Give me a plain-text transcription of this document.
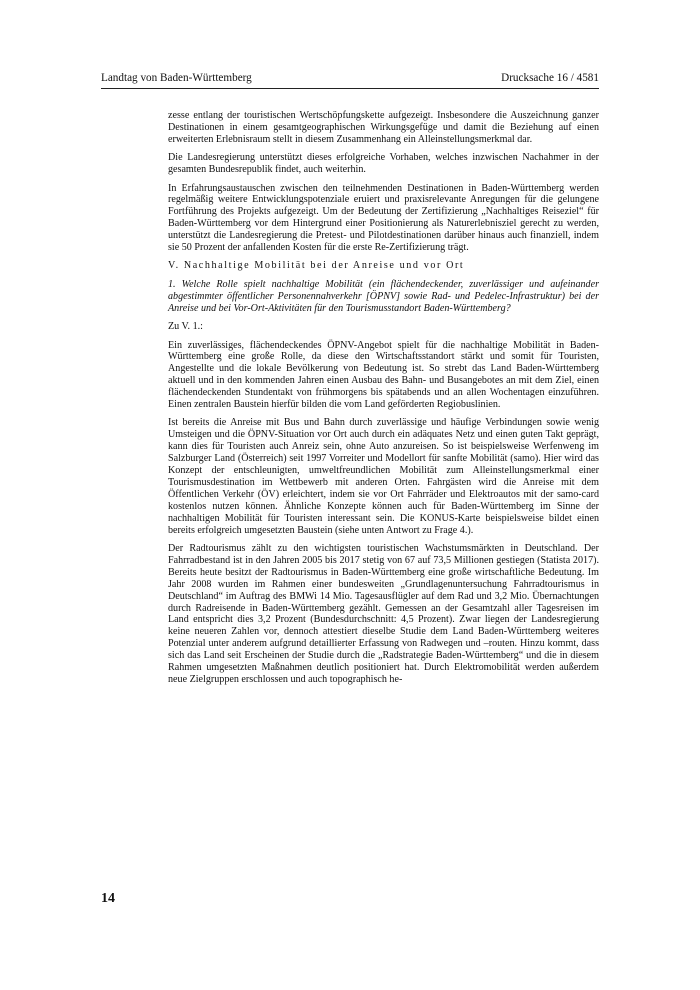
Landtag von Baden-Württemberg	Drucksache 16 / 4581

zesse entlang der touristischen Wertschöpfungskette aufgezeigt. Insbesondere die Auszeichnung ganzer Destinationen in einem gesamtgeographischen Wirkungsgefüge und damit die Beziehung auf einen erweiterten Erlebnisraum stellt in diesem Zusammenhang ein Alleinstellungsmerkmal dar.

Die Landesregierung unterstützt dieses erfolgreiche Vorhaben, welches inzwischen Nachahmer in der gesamten Bundesrepublik findet, auch weiterhin.

In Erfahrungsaustauschen zwischen den teilnehmenden Destinationen in Baden-Württemberg werden regelmäßig weitere Entwicklungspotenziale eruiert und praxisrelevante Anregungen für die gelungene Fortführung des Projekts aufgezeigt. Um der Bedeutung der Zertifizierung „Nachhaltiges Reiseziel“ für Baden-Württemberg vor dem Hintergrund einer Positionierung als Naturerlebnisziel gerecht zu werden, unterstützt die Landesregierung die Pretest- und Pilotdestinationen darüber hinaus auch finanziell, indem sie 50 Prozent der anfallenden Kosten für die erste Re-Zertifizierung trägt.

V. Nachhaltige Mobilität bei der Anreise und vor Ort

1. Welche Rolle spielt nachhaltige Mobilität (ein flächendeckender, zuverlässiger und aufeinander abgestimmter öffentlicher Personennahverkehr [ÖPNV] sowie Rad- und Pedelec-Infrastruktur) bei der Anreise und bei Vor-Ort-Aktivitäten für den Tourismusstandort Baden-Württemberg?

Zu V. 1.:

Ein zuverlässiges, flächendeckendes ÖPNV-Angebot spielt für die nachhaltige Mobilität in Baden-Württemberg eine große Rolle, da diese den Wirtschaftsstandort stärkt und somit für Touristen, Angestellte und die lokale Bevölkerung von Bedeutung ist. So strebt das Land Baden-Württemberg aktuell und in den kommenden Jahren einen Ausbau des Bahn- und Busangebotes an mit dem Ziel, einen flächendeckenden Stundentakt von frühmorgens bis spätabends und an allen Wochentagen einzuführen. Einen zentralen Baustein hierfür bilden die vom Land geförderten Regiobuslinien.

Ist bereits die Anreise mit Bus und Bahn durch zuverlässige und häufige Verbindungen sowie wenig Umsteigen und die ÖPNV-Situation vor Ort auch durch ein adäquates Netz und einen guten Takt geprägt, kann dies für Touristen auch Anreiz sein, ohne Auto anzureisen. So ist beispielsweise Werfenweng im Salzburger Land (Österreich) seit 1997 Vorreiter und Modellort für sanfte Mobilität (samo). Hier wird das Konzept der entschleunigten, umweltfreundlichen Mobilität zum Alleinstellungsmerkmal einer Tourismusdestination im Wettbewerb mit anderen Orten. Fahrgästen wird die Anreise mit dem Öffentlichen Verkehr (ÖV) erleichtert, indem sie vor Ort Fahrräder und Elektroautos mit der samo-card kostenlos nutzen können. Ähnliche Konzepte können auch für Baden-Württemberg im Sinne der nachhaltigen Mobilität für Touristen interessant sein. Die KONUS-Karte beispielsweise bildet einen bereits erfolgreich umgesetzten Baustein (siehe unten Antwort zu Frage 4.).

Der Radtourismus zählt zu den wichtigsten touristischen Wachstumsmärkten in Deutschland. Der Fahrradbestand ist in den Jahren 2005 bis 2017 stetig von 67 auf 73,5 Millionen gestiegen (Statista 2017). Bereits heute besitzt der Radtourismus in Baden-Württemberg eine große wirtschaftliche Bedeutung. Im Jahr 2008 wurden im Rahmen einer bundesweiten „Grundlagenuntersuchung Fahrradtourismus in Deutschland“ im Auftrag des BMWi 14 Mio. Tagesausflügler auf dem Rad und 3,2 Mio. Übernachtungen durch Radreisende in Baden-Württemberg gezählt. Gemessen an der Gesamtzahl aller Tagesreisen im Land entspricht dies 3,2 Prozent (Bundesdurchschnitt: 4,5 Prozent). Zwar liegen der Landesregierung keine neueren Zahlen vor, dennoch attestiert dieselbe Studie dem Land Baden-Württemberg weiteres Potenzial unter anderem aufgrund detaillierter Erfassung von Radwegen und –routen. Hinzu kommt, dass sich das Land seit Erscheinen der Studie durch die „Radstrategie Baden-Württemberg“ und die in diesem Rahmen umgesetzten Maßnahmen deutlich positioniert hat. Durch Elektromobilität werden außerdem neue Zielgruppen erschlossen und auch topographisch he-

14
